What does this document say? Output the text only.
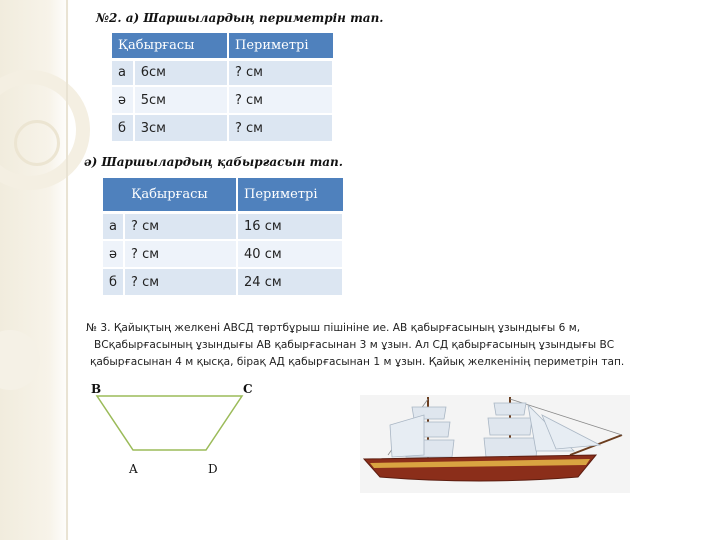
№2. а) Шаршылардың периметрін тап.
Қабырғасы		Периметрі
а	6см	? см
ә	5см	? см
б	3см	? см
ә) Шаршылардың қабырғасын тап.
Қабырғасы		Периметрі
а	? см	16 см
ә	? см	40 см
б	? см	24 см

№ 3. Қайықтың желкені АВСД төртбұрыш пішініне ие. АВ қабырғасының ұзындығы 6 м,

ВСқабырғасының ұзындығы АВ қабырғасынан 3 м ұзын. Ал СД қабырғасының ұзындығы ВС

қабырғасынан 4 м қысқа, бірақ АД қабырғасынан 1 м ұзын. Қайық желкенінің периметрін тап.

B	C
A	D
